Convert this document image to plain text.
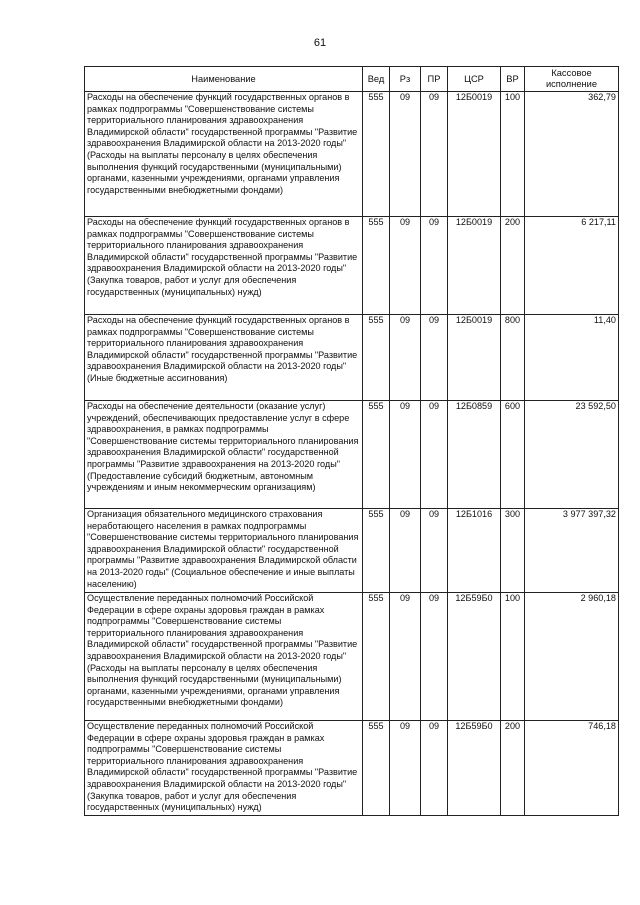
61
Наименование	Вед	Рз	ПР	ЦСР	ВР	Кассовое исполнение
Расходы на обеспечение функций государственных органов в рамках подпрограммы "Совершенствование системы территориального планирования здравоохранения Владимирской области" государственной программы "Развитие здравоохранения Владимирской области на 2013-2020 годы" (Расходы на выплаты персоналу в целях обеспечения выполнения функций государственными (муниципальными) органами, казенными учреждениями, органами управления государственными внебюджетными фондами)	555	09	09	12Б0019	100	362,79
Расходы на обеспечение функций государственных органов в рамках подпрограммы "Совершенствование системы территориального планирования здравоохранения Владимирской области" государственной программы "Развитие здравоохранения Владимирской области на 2013-2020 годы" (Закупка товаров, работ и услуг для обеспечения государственных (муниципальных) нужд)	555	09	09	12Б0019	200	6 217,11
Расходы на обеспечение функций государственных органов в рамках подпрограммы "Совершенствование системы территориального планирования здравоохранения Владимирской области" государственной программы "Развитие здравоохранения Владимирской области на 2013-2020 годы" (Иные бюджетные ассигнования)	555	09	09	12Б0019	800	11,40
Расходы на обеспечение деятельности (оказание услуг) учреждений, обеспечивающих предоставление услуг в сфере здравоохранения, в рамках подпрограммы "Совершенствование системы территориального планирования здравоохранения Владимирской области" государственной программы "Развитие здравоохранения на 2013-2020 годы" (Предоставление субсидий бюджетным, автономным учреждениям и иным некоммерческим организациям)	555	09	09	12Б0859	600	23 592,50
Организация обязательного медицинского страхования неработающего населения в рамках подпрограммы "Совершенствование системы территориального планирования здравоохранения Владимирской области" государственной программы "Развитие здравоохранения Владимирской области на 2013-2020 годы" (Социальное обеспечение и иные выплаты населению)	555	09	09	12Б1016	300	3 977 397,32
Осуществление переданных полномочий Российской Федерации в сфере охраны здоровья граждан в рамках подпрограммы "Совершенствование системы территориального планирования здравоохранения Владимирской области" государственной программы "Развитие здравоохранения Владимирской области на 2013-2020 годы" (Расходы на выплаты персоналу в целях обеспечения выполнения функций государственными (муниципальными) органами, казенными учреждениями, органами управления государственными внебюджетными фондами)	555	09	09	12Б59Б0	100	2 960,18
Осуществление переданных полномочий Российской Федерации в сфере охраны здоровья граждан в рамках подпрограммы "Совершенствование системы территориального планирования здравоохранения Владимирской области" государственной программы "Развитие здравоохранения Владимирской области на 2013-2020 годы" (Закупка товаров, работ и услуг для обеспечения государственных (муниципальных) нужд)	555	09	09	12Б59Б0	200	746,18
